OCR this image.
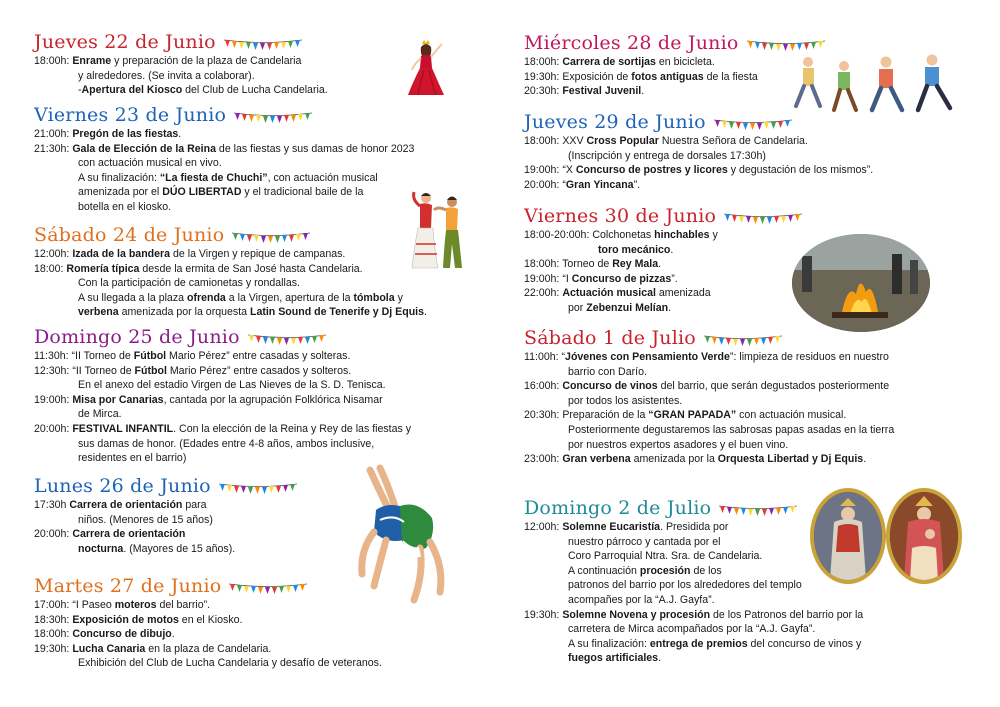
Jueves 22 de Junio
18:00h: Enrame y preparación de la plaza de Candelaria
y alrededores. (Se invita a colaborar).
-Apertura del Kiosco del Club de Lucha Candelaria.
Viernes 23 de Junio
21:00h: Pregón de las fiestas.
21:30h: Gala de Elección de la Reina de las fiestas y sus damas de honor 2023
con actuación musical en vivo.
A su finalización: “La fiesta de Chuchi”, con actuación musical
amenizada por el DÚO LIBERTAD y el tradicional baile de la
botella en el kiosko.
Sábado 24 de Junio
12:00h: Izada de la bandera de la Virgen y repique de campanas.
18:00: Romería típica desde la ermita de San José hasta Candelaria.
Con la participación de camionetas y rondallas.
A su llegada a la plaza ofrenda a la Virgen, apertura de la tómbola y
verbena amenizada por la orquesta Latin Sound de Tenerife y Dj Equis.
Domingo 25 de Junio
11:30h: “II Torneo de Fútbol Mario Pérez” entre casadas y solteras.
12:30h: “II Torneo de Fútbol Mario Pérez” entre casados y solteros.
En el anexo del estadio Virgen de Las Nieves de la S. D. Tenisca.
19:00h: Misa por Canarias, cantada por la agrupación Folklórica Nisamar
de Mirca.
20:00h: FESTIVAL INFANTIL. Con la elección de la Reina y Rey de las fiestas y
sus damas de honor. (Edades entre 4-8 años, ambos inclusive,
residentes en el barrio)
Lunes 26 de Junio
17:30h Carrera de orientación para
niños. (Menores de 15 años)
20:00h: Carrera de orientación
nocturna. (Mayores de 15 años).
Martes 27 de Junio
17:00h: “I Paseo moteros del barrio”.
18:30h: Exposición de motos en el Kiosko.
18:00h: Concurso de dibujo.
19:30h: Lucha Canaria en la plaza de Candelaria.
Exhibición del Club de Lucha Candelaria y desafío de veteranos.
Miércoles 28 de Junio
18:00h: Carrera de sortijas en bicicleta.
19:30h: Exposición de fotos antiguas de la fiesta
20:30h: Festival Juvenil.
Jueves 29 de Junio
18:00h: XXV Cross Popular Nuestra Señora de Candelaria.
(Inscripción y entrega de dorsales 17:30h)
19:00h: “X Concurso de postres y licores y degustación de los mismos”.
20:00h: “Gran Yincana”.
Viernes 30 de Junio
18:00-20:00h: Colchonetas hinchables y
toro mecánico.
18:00h: Torneo de Rey Mala.
19:00h: “I Concurso de pizzas”.
22:00h: Actuación musical amenizada
por Zebenzui Melían.
Sábado 1 de Julio
11:00h: “Jóvenes con Pensamiento Verde”: limpieza de residuos en nuestro
barrio con Darío.
16:00h: Concurso de vinos del barrio, que serán degustados posteriormente
por todos los asistentes.
20:30h: Preparación de la “GRAN PAPADA” con actuación musical.
Posteriormente degustaremos las sabrosas papas asadas en la tierra
por nuestros expertos asadores y el buen vino.
23:00h: Gran verbena amenizada por la Orquesta Libertad y Dj Equis.
Domingo 2 de Julio
12:00h: Solemne Eucaristía. Presidida por
nuestro párroco y cantada por el
Coro Parroquial Ntra. Sra. de Candelaria.
A continuación procesión de los
patronos del barrio por los alrededores del templo
acompañes por la “A.J. Gayfa”.
19:30h: Solemne Novena y procesión de los Patronos del barrio por la
carretera de Mirca acompañados por la “A.J. Gayfa”.
A su finalización: entrega de premios del concurso de vinos y
fuegos artificiales.
